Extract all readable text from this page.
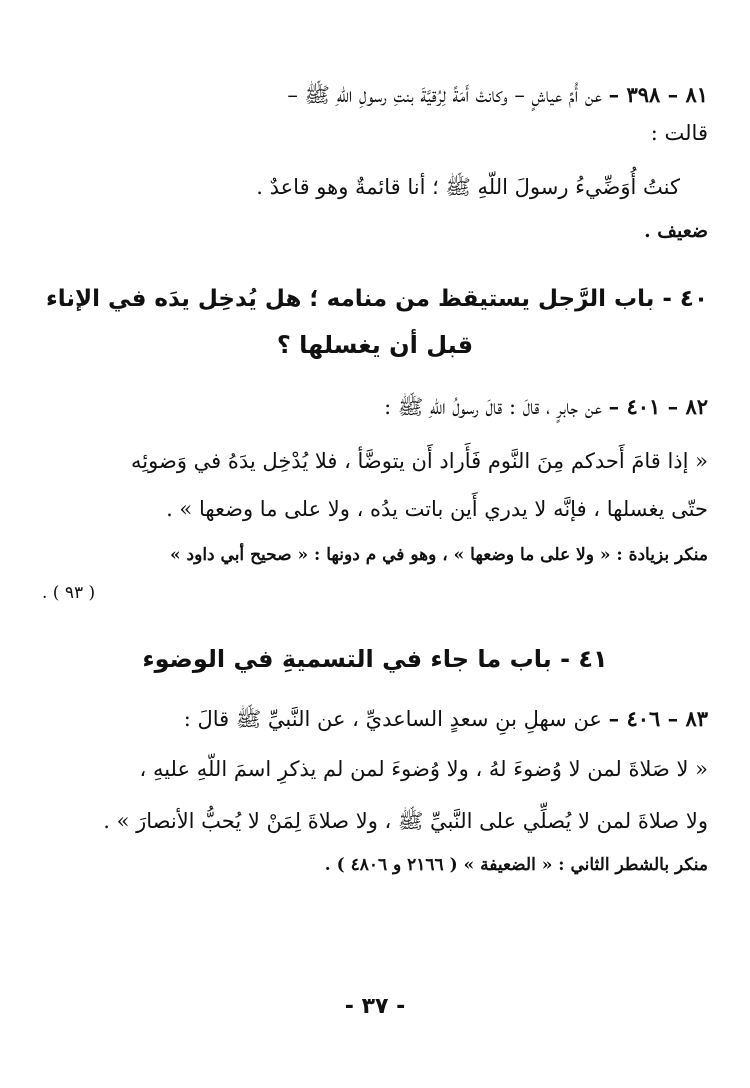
٨١ – ٣٩٨ – عن أُمِّ عياشٍ – وكانتْ أَمَةً لِرُقيَّةَ بنتِ رسولِ اللّهِ ﷺ –
قالت :
كنتُ أُوَضِّيءُ رسولَ اللّهِ ﷺ ؛ أنا قائمةٌ وهو قاعدٌ .
ضعيف .
٤٠ - باب الرَّجل يستيقظ من منامه ؛ هل يُدخِل يدَه في الإناء
قبل أن يغسلها ؟
٨٢ – ٤٠١ – عن جابرٍ ، قالَ : قالَ رسولُ اللهِ ﷺ :
« إذا قامَ أَحدكم مِنَ النَّوم فَأَراد أَن يتوضَّأ ، فلا يُدْخِل يدَهُ في وَضوئِه
حتّى يغسلها ، فإنَّه لا يدري أَين باتت يدُه ، ولا على ما وضعها » .
منكر بزيادة : « ولا على ما وضعها » ، وهو في م دونها : « صحيح أبي داود »
( ٩٣ ) .
٤١ - باب ما جاء في التسميةِ في الوضوء
٨٣ – ٤٠٦ – عن سهلِ بنِ سعدٍ الساعديِّ ، عن النَّبيِّ ﷺ قالَ :
« لا صَلاةَ لمن لا وُضوءَ لهُ ، ولا وُضوءَ لمن لم يذكرِ اسمَ اللّهِ عليهِ ،
ولا صلاةَ لمن لا يُصلِّي على النَّبيِّ ﷺ ، ولا صلاةَ لِمَنْ لا يُحبُّ الأنصارَ » .
منكر بالشطر الثاني : « الضعيفة » ( ٢١٦٦ و ٤٨٠٦ ) .
- ٣٧ -
